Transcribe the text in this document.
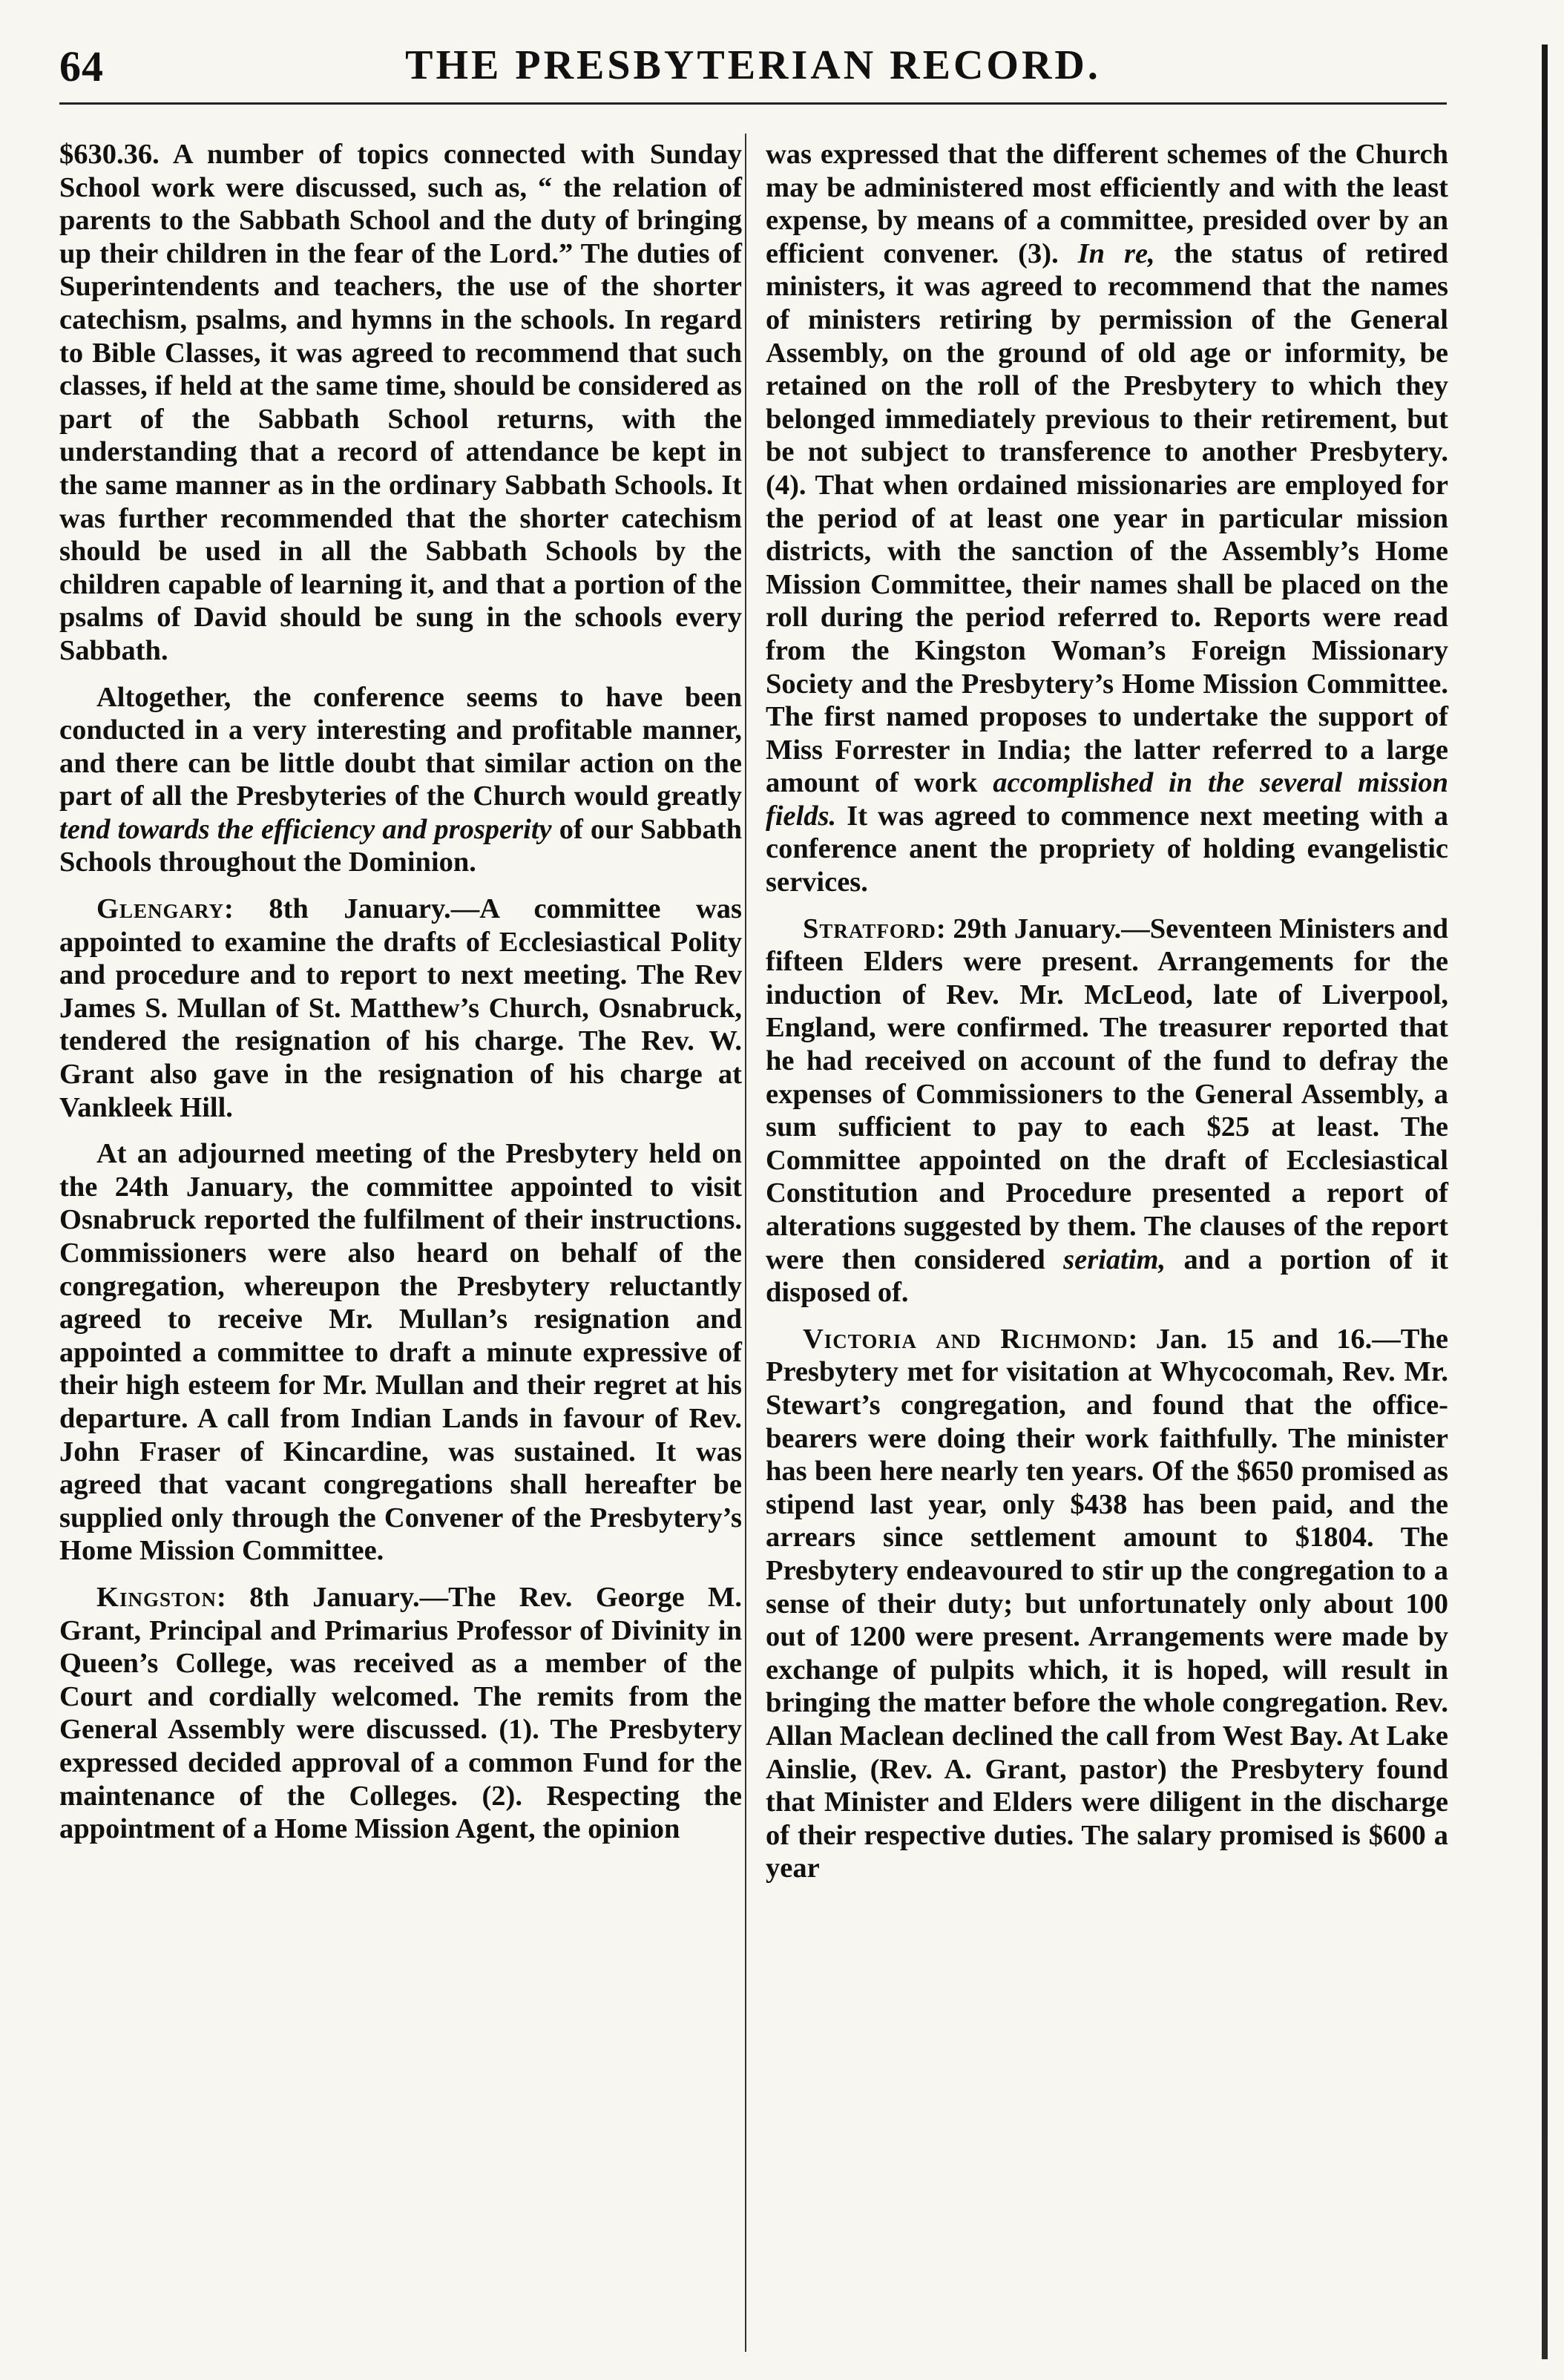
64	THE PRESBYTERIAN RECORD.

$630.36. A number of topics connected with Sunday School work were discussed, such as, “ the relation of parents to the Sabbath School and the duty of bringing up their children in the fear of the Lord.” The duties of Superintendents and teachers, the use of the shorter catechism, psalms, and hymns in the schools. In regard to Bible Classes, it was agreed to recommend that such classes, if held at the same time, should be considered as part of the Sabbath School returns, with the understanding that a record of attendance be kept in the same manner as in the ordinary Sabbath Schools. It was further recommended that the shorter catechism should be used in all the Sabbath Schools by the children capable of learning it, and that a portion of the psalms of David should be sung in the schools every Sabbath.

Altogether, the conference seems to have been conducted in a very interesting and profitable manner, and there can be little doubt that similar action on the part of all the Presbyteries of the Church would greatly tend towards the efficiency and prosperity of our Sabbath Schools throughout the Dominion.

Glengary: 8th January.—A committee was appointed to examine the drafts of Ecclesiastical Polity and procedure and to report to next meeting. The Rev James S. Mullan of St. Matthew’s Church, Osnabruck, tendered the resignation of his charge. The Rev. W. Grant also gave in the resignation of his charge at Vankleek Hill.

At an adjourned meeting of the Presbytery held on the 24th January, the committee appointed to visit Osnabruck reported the fulfilment of their instructions. Commissioners were also heard on behalf of the congregation, whereupon the Presbytery reluctantly agreed to receive Mr. Mullan’s resignation and appointed a committee to draft a minute expressive of their high esteem for Mr. Mullan and their regret at his departure. A call from Indian Lands in favour of Rev. John Fraser of Kincardine, was sustained. It was agreed that vacant congregations shall hereafter be supplied only through the Convener of the Presbytery’s Home Mission Committee.

Kingston: 8th January.—The Rev. George M. Grant, Principal and Primarius Professor of Divinity in Queen’s College, was received as a member of the Court and cordially welcomed. The remits from the General Assembly were discussed. (1). The Presbytery expressed decided approval of a common Fund for the maintenance of the Colleges. (2). Respecting the appointment of a Home Mission Agent, the opinion

was expressed that the different schemes of the Church may be administered most efficiently and with the least expense, by means of a committee, presided over by an efficient convener. (3). In re, the status of retired ministers, it was agreed to recommend that the names of ministers retiring by permission of the General Assembly, on the ground of old age or informity, be retained on the roll of the Presbytery to which they belonged immediately previous to their retirement, but be not subject to transference to another Presbytery. (4). That when ordained missionaries are employed for the period of at least one year in particular mission districts, with the sanction of the Assembly’s Home Mission Committee, their names shall be placed on the roll during the period referred to. Reports were read from the Kingston Woman’s Foreign Missionary Society and the Presbytery’s Home Mission Committee. The first named proposes to undertake the support of Miss Forrester in India; the latter referred to a large amount of work accomplished in the several mission fields. It was agreed to commence next meeting with a conference anent the propriety of holding evangelistic services.

Stratford: 29th January.—Seventeen Ministers and fifteen Elders were present. Arrangements for the induction of Rev. Mr. McLeod, late of Liverpool, England, were confirmed. The treasurer reported that he had received on account of the fund to defray the expenses of Commissioners to the General Assembly, a sum sufficient to pay to each $25 at least. The Committee appointed on the draft of Ecclesiastical Constitution and Procedure presented a report of alterations suggested by them. The clauses of the report were then considered seriatim, and a portion of it disposed of.

Victoria and Richmond: Jan. 15 and 16.—The Presbytery met for visitation at Whycocomah, Rev. Mr. Stewart’s congregation, and found that the office-bearers were doing their work faithfully. The minister has been here nearly ten years. Of the $650 promised as stipend last year, only $438 has been paid, and the arrears since settlement amount to $1804. The Presbytery endeavoured to stir up the congregation to a sense of their duty; but unfortunately only about 100 out of 1200 were present. Arrangements were made by exchange of pulpits which, it is hoped, will result in bringing the matter before the whole congregation. Rev. Allan Maclean declined the call from West Bay. At Lake Ainslie, (Rev. A. Grant, pastor) the Presbytery found that Minister and Elders were diligent in the discharge of their respective duties. The salary promised is $600 a year
